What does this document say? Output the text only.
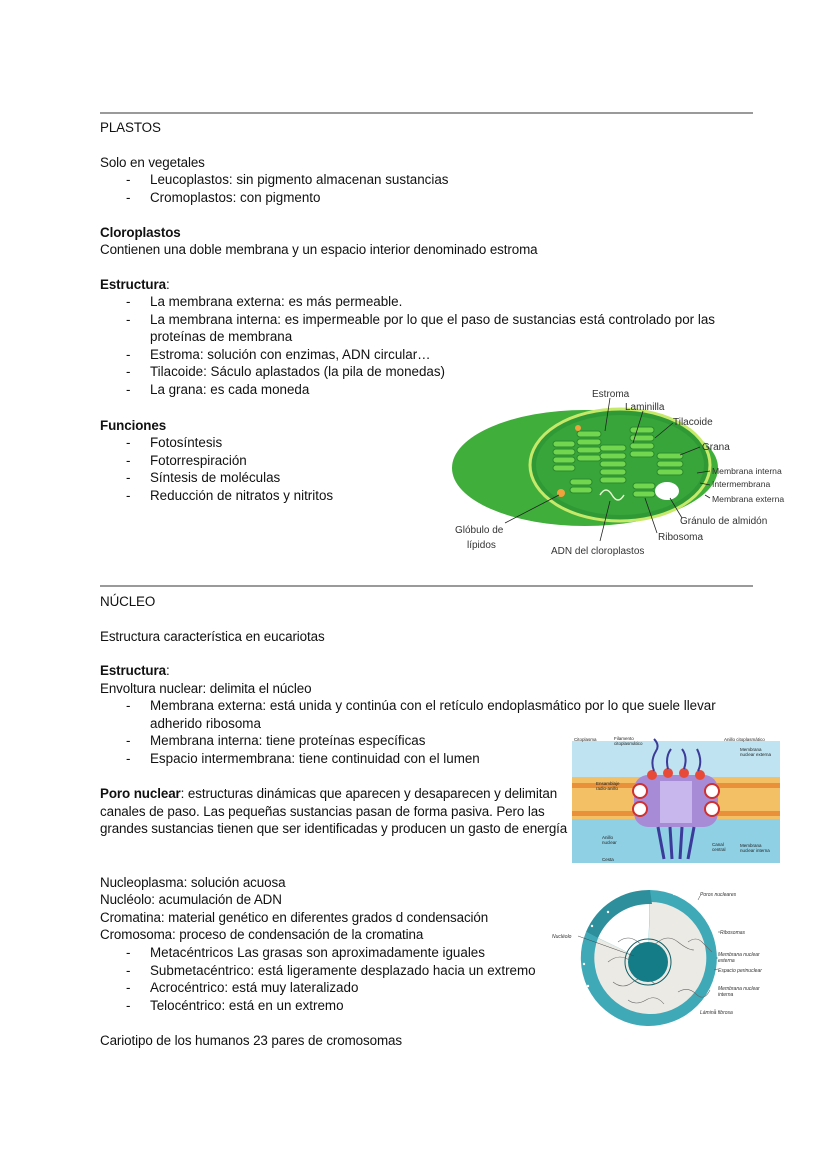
PLASTOS
Solo en vegetales
- Leucoplastos: sin pigmento almacenan sustancias
- Cromoplastos: con pigmento
Cloroplastos
Contienen una doble membrana y un espacio interior denominado estroma
Estructura:
- La membrana externa: es más permeable.
- La membrana interna: es impermeable por lo que el paso de sustancias está controlado por las proteínas de membrana
- Estroma: solución con enzimas, ADN circular…
- Tilacoide: Sáculo aplastados (la pila de monedas)
- La grana: es cada moneda
Funciones
- Fotosíntesis
- Fotorrespiración
- Síntesis de moléculas
- Reducción de nitratos y nitritos
Estroma
Laminilla
Tilacoide
Grana
Membrana interna
Intermembrana
Membrana externa
Gránulo de almidón
Ribosoma
ADN del cloroplastos
Glóbulo de
lípidos
NÚCLEO
Estructura característica en eucariotas
Estructura:
Envoltura nuclear: delimita el núcleo
- Membrana externa: está unida y continúa con el retículo endoplasmático por lo que suele llevar adherido ribosoma
- Membrana interna: tiene proteínas específicas
- Espacio intermembrana: tiene continuidad con el lumen
Poro nuclear: estructuras dinámicas que aparecen y desaparecen y delimitan
canales de paso. Las pequeñas sustancias pasan de forma pasiva. Pero las
grandes sustancias tienen que ser identificadas y producen un gasto de energía
Citoplasma	Filamento
citoplasmático
Anillo citoplasmático
Membrana
nuclear externa
Ensamblaje
radio-anillo
Anillo
nuclear	Canal
central
Membrana
nuclear interna
Cesta
Nucleoplasma: solución acuosa
Nucléolo: acumulación de ADN
Cromatina: material genético en diferentes grados d condensación
Cromosoma: proceso de condensación de la cromatina
- Metacéntricos Las grasas son aproximadamente iguales
- Submetacéntrico: está ligeramente desplazado hacia un extremo
- Acrocéntrico: está muy lateralizado
- Telocéntrico: está en un extremo
Cariotipo de los humanos 23 pares de cromosomas
Poros nucleares
Nucléolo
Ribosomas
Membrana nuclear
externa
Espacio perinuclear
Membrana nuclear
interna
Lámina fibrosa
